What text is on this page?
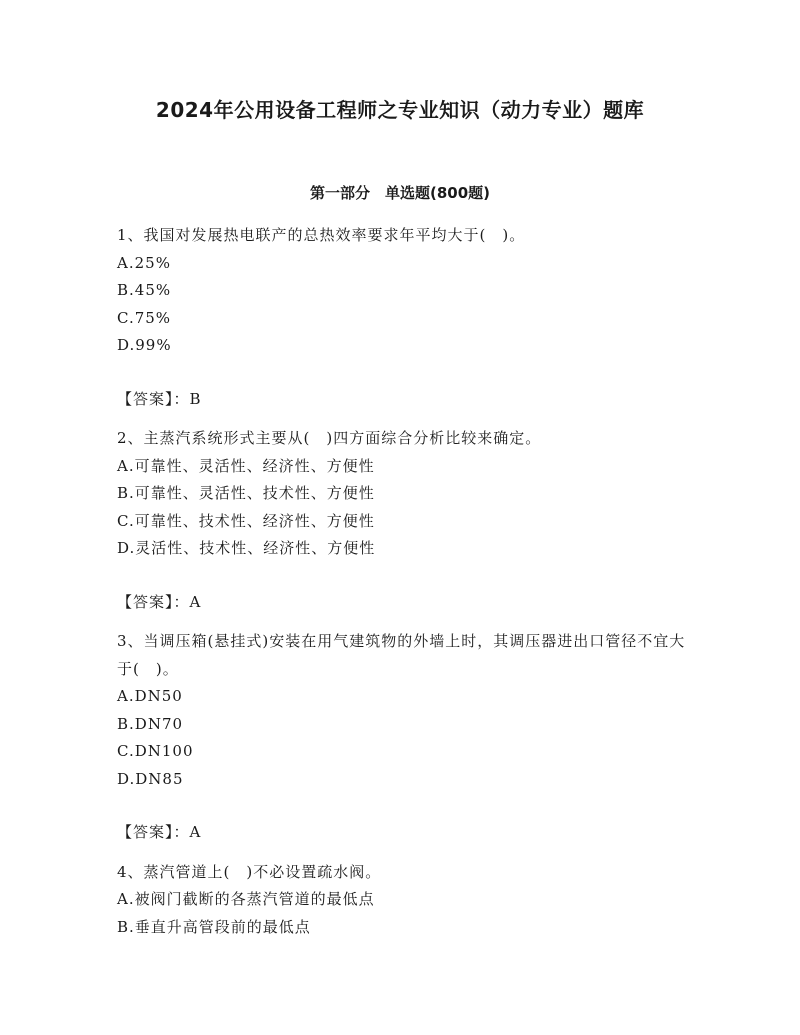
2024年公用设备工程师之专业知识（动力专业）题库
第一部分　单选题(800题)

1、我国对发展热电联产的总热效率要求年平均大于(　)。

A.25%

B.45%

C.75%

D.99%

【答案】：B

2、主蒸汽系统形式主要从(　)四方面综合分析比较来确定。

A.可靠性、灵活性、经济性、方便性

B.可靠性、灵活性、技术性、方便性

C.可靠性、技术性、经济性、方便性

D.灵活性、技术性、经济性、方便性

【答案】：A

3、当调压箱(悬挂式)安装在用气建筑物的外墙上时，其调压器进出口管径不宜大于(　)。

A.DN50

B.DN70

C.DN100

D.DN85

【答案】：A

4、蒸汽管道上(　)不必设置疏水阀。

A.被阀门截断的各蒸汽管道的最低点

B.垂直升高管段前的最低点
